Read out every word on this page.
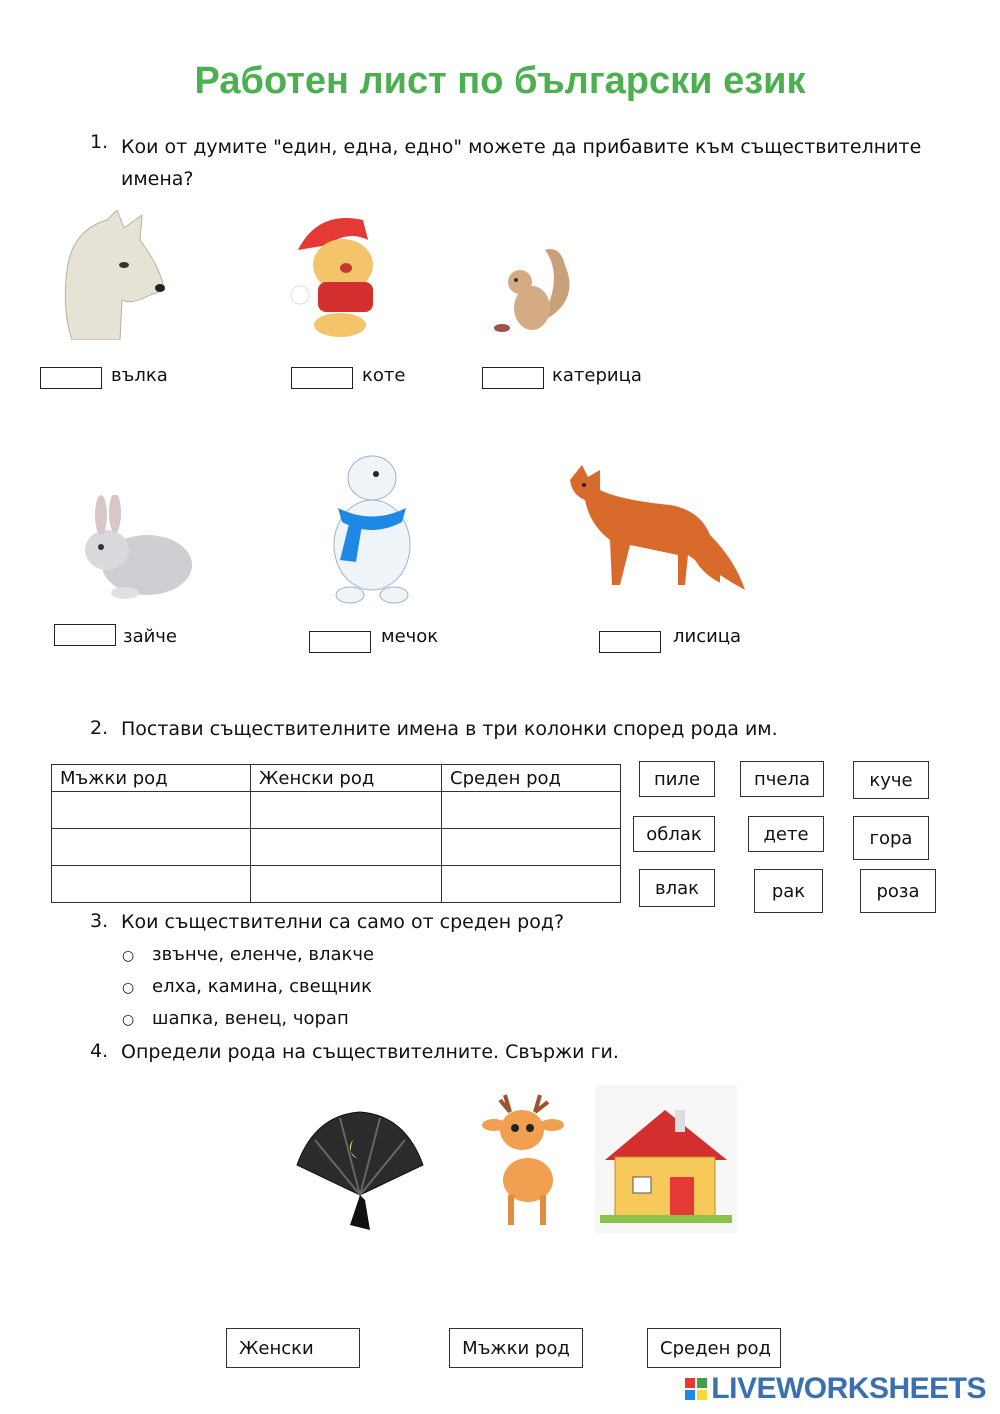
Работен лист по български език
1. Кои от думите "един, една, едно" можете да прибавите към съществителните
имена?
вълка	коте	катерица
зайче	мечок	лисица
2. Постави съществителните имена в три колонки според рода им.
Мъжки род	Женски род	Среден род

			пиле	пчела	куче
облак	дете	гора
влак	рак	роза
3. Кои съществителни са само от среден род?
○ звънче, еленче, влакче
○ елха, камина, свещник
○ шапка, венец, чорап
4. Определи рода на съществителните. Свържи ги.
Женски	Мъжки род	Среден род
LIVEWORKSHEETS
